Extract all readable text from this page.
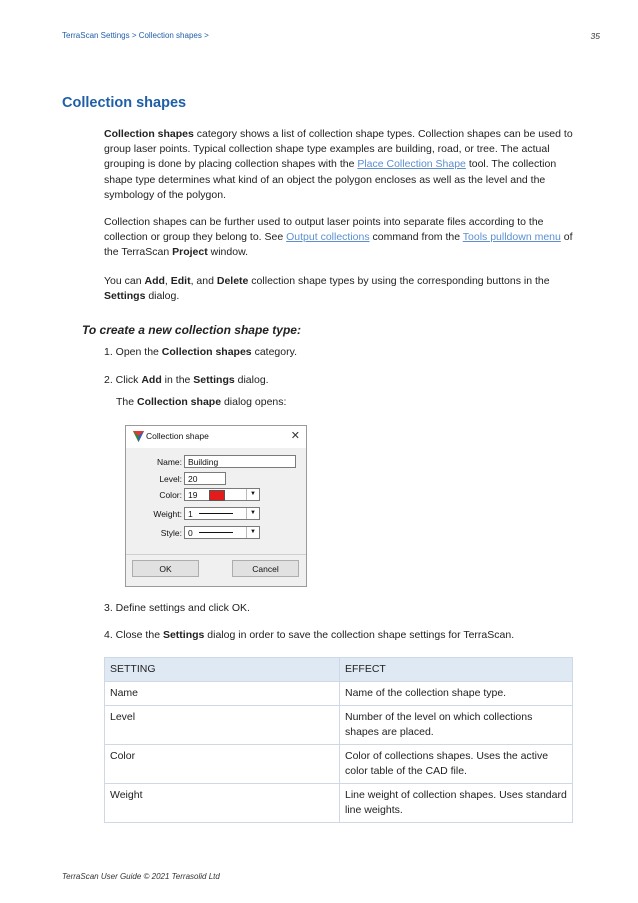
TerraScan Settings > Collection shapes >	35
Collection shapes

Collection shapes category shows a list of collection shape types. Collection shapes can be used to group laser points. Typical collection shape type examples are building, road, or tree. The actual grouping is done by placing collection shapes with the Place Collection Shape tool. The collection shape type determines what kind of an object the polygon encloses as well as the level and the symbology of the polygon.

Collection shapes can be further used to output laser points into separate files according to the collection or group they belong to. See Output collections command from the Tools pulldown menu of the TerraScan Project window.

You can Add, Edit, and Delete collection shape types by using the corresponding buttons in the Settings dialog.

To create a new collection shape type:
1. Open the Collection shapes category.
2. Click Add in the Settings dialog.
The Collection shape dialog opens:
Collection shape	✕
Name: Building
Level: 20
Color: 19	▼
Weight: 1	▼
Style: 0	▼
OK	Cancel
3. Define settings and click OK.
4. Close the Settings dialog in order to save the collection shape settings for TerraScan.
SETTING	EFFECT
Name	Name of the collection shape type.
Level	Number of the level on which collections shapes are placed.
Color	Color of collections shapes. Uses the active color table of the CAD file.
Weight	Line weight of collection shapes. Uses standard line weights.
TerraScan User Guide © 2021 Terrasolid Ltd
